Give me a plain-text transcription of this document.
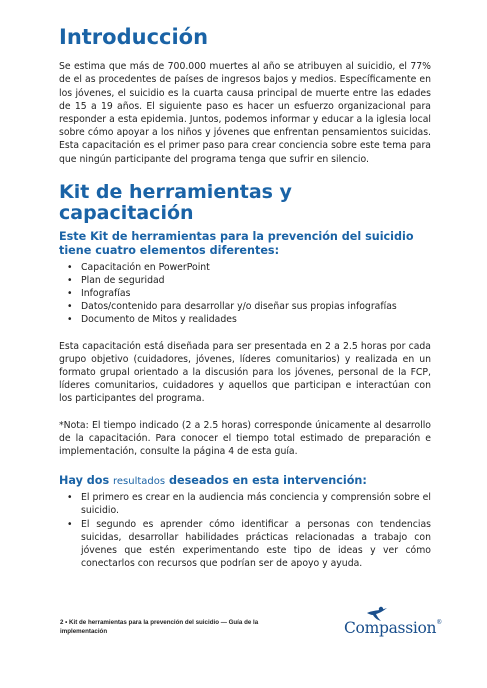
Introducción

Se estima que más de 700.000 muertes al año se atribuyen al suicidio, el 77% de el as procedentes de países de ingresos bajos y medios. Específicamente en los jóvenes, el suicidio es la cuarta causa principal de muerte entre las edades de 15 a 19 años. El siguiente paso es hacer un esfuerzo organizacional para responder a esta epidemia. Juntos, podemos informar y educar a la iglesia local sobre cómo apoyar a los niños y jóvenes que enfrentan pensamientos suicidas. Esta capacitación es el primer paso para crear conciencia sobre este tema para que ningún participante del programa tenga que sufrir en silencio.

Kit de herramientas y capacitación
Este Kit de herramientas para la prevención del suicidio tiene cuatro elementos diferentes:
• Capacitación en PowerPoint
• Plan de seguridad
• Infografías
• Datos/contenido para desarrollar y/o diseñar sus propias infografías
• Documento de Mitos y realidades

Esta capacitación está diseñada para ser presentada en 2 a 2.5 horas por cada grupo objetivo (cuidadores, jóvenes, líderes comunitarios) y realizada en un formato grupal orientado a la discusión para los jóvenes, personal de la FCP, líderes comunitarios, cuidadores y aquellos que participan e interactúan con los participantes del programa.

*Nota: El tiempo indicado (2 a 2.5 horas) corresponde únicamente al desarrollo de la capacitación. Para conocer el tiempo total estimado de preparación e implementación, consulte la página 4 de esta guía.

Hay dos resultados deseados en esta intervención:
• El primero es crear en la audiencia más conciencia y comprensión sobre el suicidio.
• El segundo es aprender cómo identificar a personas con tendencias suicidas, desarrollar habilidades prácticas relacionadas a trabajo con jóvenes que estén experimentando este tipo de ideas y ver cómo conectarlos con recursos que podrían ser de apoyo y ayuda.
2 • Kit de herramientas para la prevención del suicidio — Guía de la implementación	Compassion®
